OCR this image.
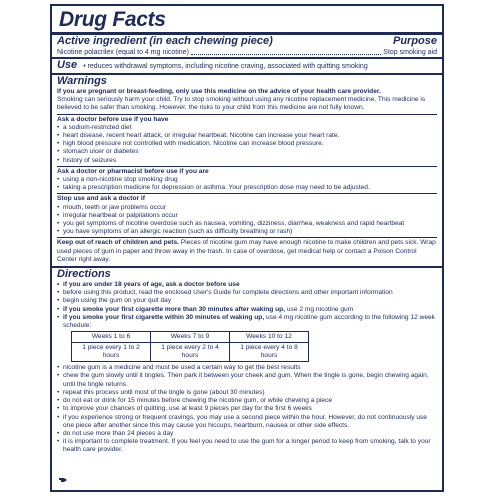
Drug Facts
Active ingredient (in each chewing piece)	Purpose
Nicotine polacrilex (equal to 4 mg nicotine)	Stop smoking aid
Use • reduces withdrawal symptoms, including nicotine craving, associated with quitting smoking
Warnings

If you are pregnant or breast-feeding, only use this medicine on the advice of your health care provider.

Smoking can seriously harm your child. Try to stop smoking without using any nicotine replacement medicine. This medicine is believed to be safer than smoking. However, the risks to your child from this medicine are not fully known.

Ask a doctor before use if you have

• a sodium-restricted diet
• heart disease, recent heart attack, or irregular heartbeat. Nicotine can increase your heart rate.
• high blood pressure not controlled with medication. Nicotine can increase blood pressure.
• stomach ulcer or diabetes
• history of seizures

Ask a doctor or pharmacist before use if you are

• using a non-nicotine stop smoking drug
• taking a prescription medicine for depression or asthma. Your prescription dose may need to be adjusted.

Stop use and ask a doctor if

• mouth, teeth or jaw problems occur
• irregular heartbeat or palpitations occur
• you get symptoms of nicotine overdose such as nausea, vomiting, dizziness, diarrhea, weakness and rapid heartbeat
• you have symptoms of an allergic reaction (such as difficulty breathing or rash)

Keep out of reach of children and pets. Pieces of nicotine gum may have enough nicotine to make children and pets sick. Wrap used pieces of gum in paper and throw away in the trash. In case of overdose, get medical help or contact a Poison Control Center right away.

Directions
• if you are under 18 years of age, ask a doctor before use
• before using this product, read the enclosed User's Guide for complete directions and other important information
• begin using the gum on your quit day
• if you smoke your first cigarette more than 30 minutes after waking up, use 2 mg nicotine gum
• if you smoke your first cigarette within 30 minutes of waking up, use 4 mg nicotine gum according to the following 12 week schedule:
Weeks 1 to 6	Weeks 7 to 9	Weeks 10 to 12
1 piece every 1 to 2 hours	1 piece every 2 to 4 hours	1 piece every 4 to 8 hours
• nicotine gum is a medicine and must be used a certain way to get the best results
• chew the gum slowly until it tingles. Then park it between your cheek and gum. When the tingle is gone, begin chewing again, until the tingle returns.
• repeat this process until most of the tingle is gone (about 30 minutes)
• do not eat or drink for 15 minutes before chewing the nicotine gum, or while chewing a piece
• to improve your chances of quitting, use at least 9 pieces per day for the first 6 weeks
• if you experience strong or frequent cravings, you may use a second piece within the hour. However, do not continuously use one piece after another since this may cause you hiccups, heartburn, nausea or other side effects.
• do not use more than 24 pieces a day
• it is important to complete treatment. If you feel you need to use the gum for a longer period to keep from smoking, talk to your health care provider.
